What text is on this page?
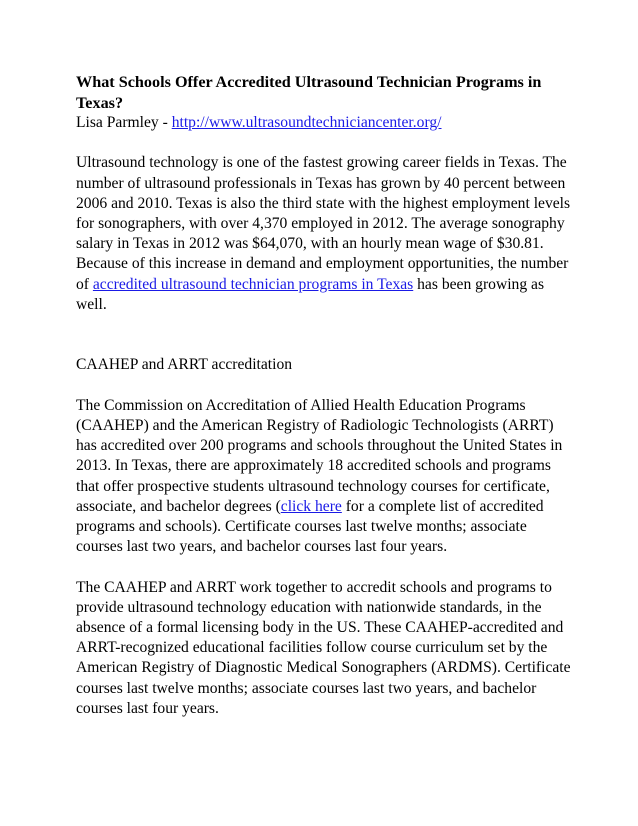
What Schools Offer Accredited Ultrasound Technician Programs in Texas?

Lisa Parmley - http://www.ultrasoundtechniciancenter.org/

Ultrasound technology is one of the fastest growing career fields in Texas. The number of ultrasound professionals in Texas has grown by 40 percent between 2006 and 2010. Texas is also the third state with the highest employment levels for sonographers, with over 4,370 employed in 2012. The average sonography salary in Texas in 2012 was $64,070, with an hourly mean wage of $30.81. Because of this increase in demand and employment opportunities, the number of accredited ultrasound technician programs in Texas has been growing as well.

CAAHEP and ARRT accreditation

The Commission on Accreditation of Allied Health Education Programs (CAAHEP) and the American Registry of Radiologic Technologists (ARRT) has accredited over 200 programs and schools throughout the United States in 2013. In Texas, there are approximately 18 accredited schools and programs that offer prospective students ultrasound technology courses for certificate, associate, and bachelor degrees (click here for a complete list of accredited programs and schools). Certificate courses last twelve months; associate courses last two years, and bachelor courses last four years.

The CAAHEP and ARRT work together to accredit schools and programs to provide ultrasound technology education with nationwide standards, in the absence of a formal licensing body in the US. These CAAHEP-accredited and ARRT-recognized educational facilities follow course curriculum set by the American Registry of Diagnostic Medical Sonographers (ARDMS). Certificate courses last twelve months; associate courses last two years, and bachelor courses last four years.
